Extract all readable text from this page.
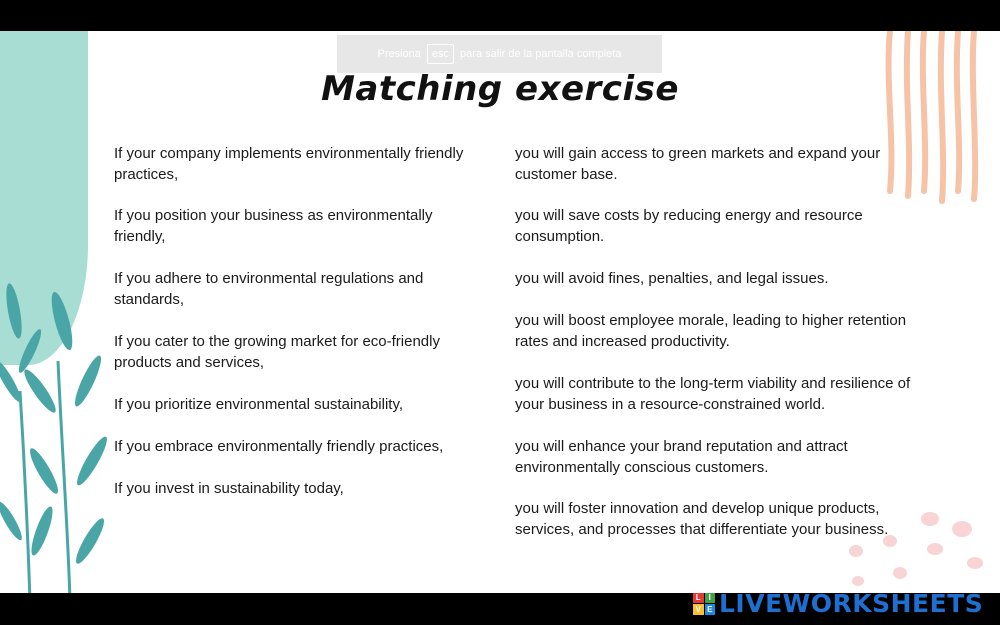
Presiona	esc	para salir de la pantalla completa
Matching exercise
If your company implements environmentally friendly practices,
If you position your business as environmentally friendly,
If you adhere to environmental regulations and standards,
If you cater to the growing market for eco-friendly products and services,
If you prioritize environmental sustainability,
If you embrace environmentally friendly practices,
If you invest in sustainability today,
you will gain access to green markets and expand your customer base.
you will save costs by reducing energy and resource consumption.
you will avoid fines, penalties, and legal issues.
you will boost employee morale, leading to higher retention rates and increased productivity.
you will contribute to the long-term viability and resilience of your business in a resource-constrained world.
you will enhance your brand reputation and attract environmentally conscious customers.
you will foster innovation and develop unique products, services, and processes that differentiate your business.
L I
V E LIVEWORKSHEETS
